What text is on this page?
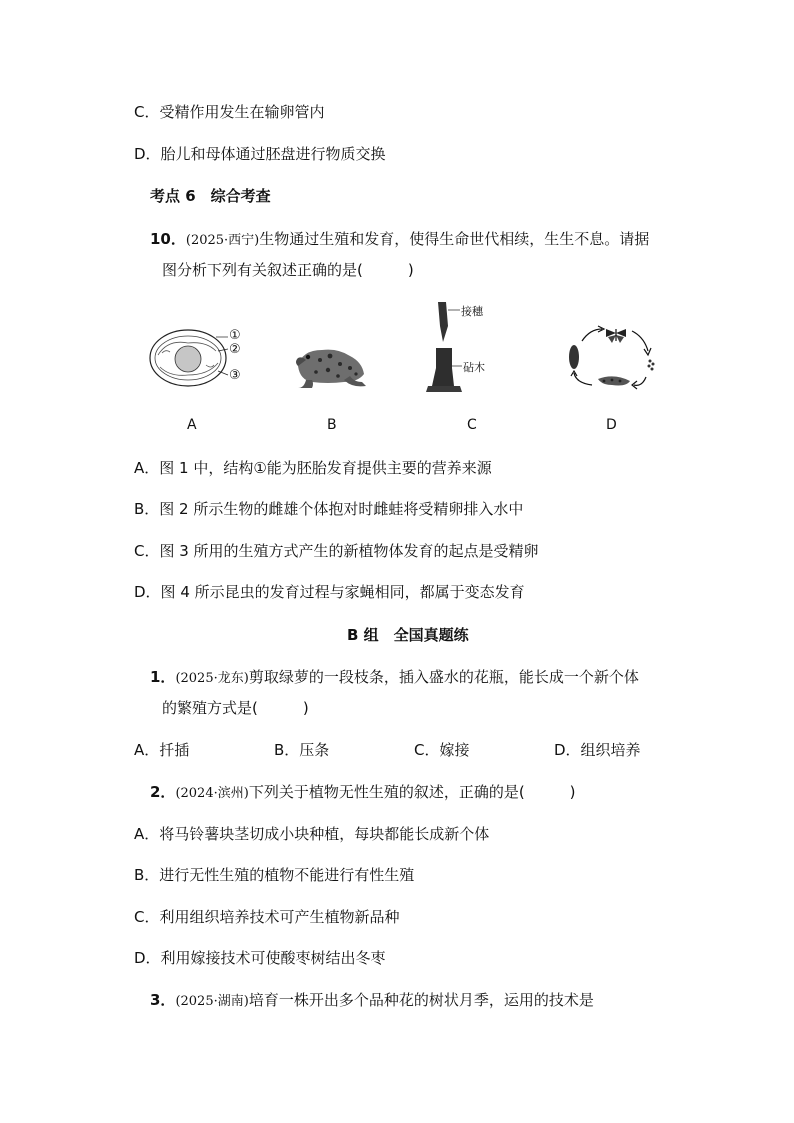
C．受精作用发生在输卵管内
D．胎儿和母体通过胚盘进行物质交换
考点 6　综合考查
10．(2025·西宁)生物通过生殖和发育，使得生命世代相续，生生不息。请据
图分析下列有关叙述正确的是(　　　)
①
②
③
接穗
砧木
A	B	C	D
A．图 1 中，结构①能为胚胎发育提供主要的营养来源
B．图 2 所示生物的雌雄个体抱对时雌蛙将受精卵排入水中
C．图 3 所用的生殖方式产生的新植物体发育的起点是受精卵
D．图 4 所示昆虫的发育过程与家蝇相同，都属于变态发育
B 组　全国真题练
1．(2025·龙东)剪取绿萝的一段枝条，插入盛水的花瓶，能长成一个新个体
的繁殖方式是(　　　)
A．扦插	B．压条	C．嫁接	D．组织培养
2．(2024·滨州)下列关于植物无性生殖的叙述，正确的是(　　　)
A．将马铃薯块茎切成小块种植，每块都能长成新个体
B．进行无性生殖的植物不能进行有性生殖
C．利用组织培养技术可产生植物新品种
D．利用嫁接技术可使酸枣树结出冬枣
3．(2025·湖南)培育一株开出多个品种花的树状月季，运用的技术是
